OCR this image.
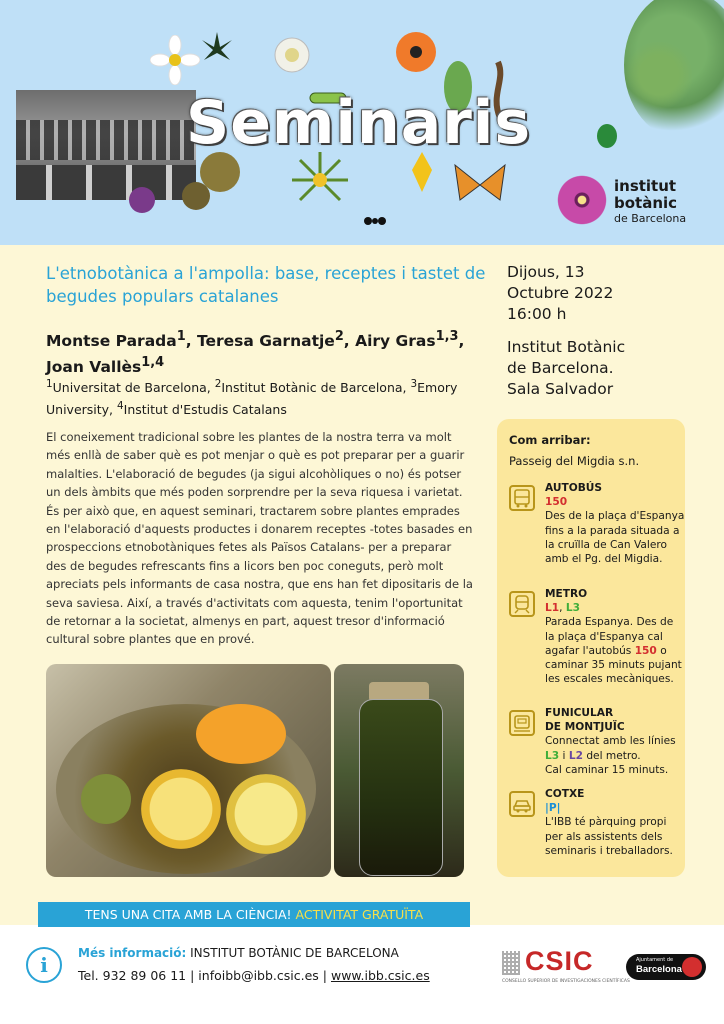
Seminaris
institut
botànic
de Barcelona
L'etnobotànica a l'ampolla: base, receptes i tastet de begudes populars catalanes
Montse Parada$^1$, Teresa Garnatje$^2$, Airy Gras$^{1,3}$, Joan Vallès$^{1,4}$
$^1$Universitat de Barcelona, $^2$Institut Botànic de Barcelona, $^3$Emory University, $^4$Institut d'Estudis Catalans
Dijous, 13
Octubre 2022
16:00 h
Institut Botànic
de Barcelona.
Sala Salvador
El coneixement tradicional sobre les plantes de la nostra terra va molt més enllà de saber què es pot menjar o què es pot preparar per a guarir malalties. L'elaboració de begudes (ja sigui alcohòliques o no) és potser un dels àmbits que més poden sorprendre per la seva riquesa i varietat. És per això que, en aquest seminari, tractarem sobre plantes emprades en l'elaboració d'aquests productes i donarem receptes -totes basades en prospeccions etnobotàniques fetes als Països Catalans- per a preparar des de begudes refrescants fins a licors ben poc coneguts, però molt apreciats pels informants de casa nostra, que ens han fet dipositaris de la seva saviesa. Així, a través d'activitats com aquesta, tenim l'oportunitat de retornar a la societat, almenys en part, aquest tresor d'informació cultural sobre plantes que en prové.
Com arribar:
Passeig del Migdia s.n.
AUTOBÚS
150
Des de la plaça d'Espanya fins a la parada situada a la cruïlla de Can Valero amb el Pg. del Migdia.
METRO
L1, L3
Parada Espanya. Des de la plaça d'Espanya cal agafar l'autobús 150 o caminar 35 minuts pujant les escales mecàniques.
FUNICULAR
DE MONTJUÏC
Connectat amb les línies
L3 i L2 del metro.
Cal caminar 15 minuts.
COTXE
|P|
L'IBB té pàrquing propi per als assistents dels seminaris i treballadors.
TENS UNA CITA AMB LA CIÈNCIA! ACTIVITAT GRATUÏTA
i	Més informació: INSTITUT BOTÀNIC DE BARCELONA
Tel. 932 89 06 11 | infoibb@ibb.csic.es | www.ibb.csic.es	CSIC
CONSELLO SUPERIOR DE INVESTIGACIONES CIENTÍFICAS
Ajuntament de
Barcelona
